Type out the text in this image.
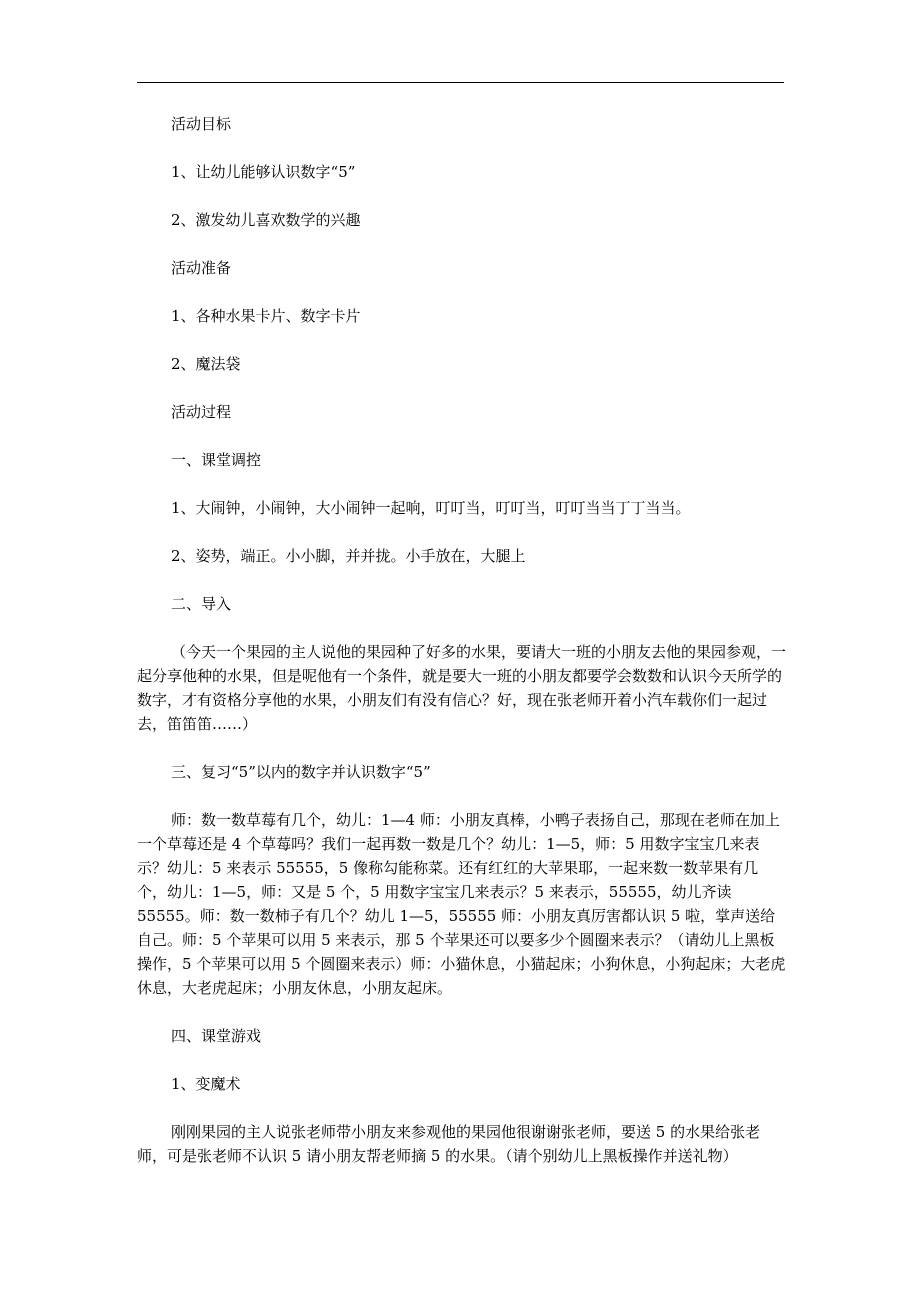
活动目标

1、让幼儿能够认识数字“5”

2、激发幼儿喜欢数学的兴趣

活动准备

1、各种水果卡片、数字卡片

2、魔法袋

活动过程

一、课堂调控

1、大闹钟，小闹钟，大小闹钟一起响，叮叮当，叮叮当，叮叮当当丁丁当当。

2、姿势，端正。小小脚，并并拢。小手放在，大腿上

二、导入

（今天一个果园的主人说他的果园种了好多的水果，要请大一班的小朋友去他的果园参观，一起分享他种的水果，但是呢他有一个条件，就是要大一班的小朋友都要学会数数和认识今天所学的数字，才有资格分享他的水果，小朋友们有没有信心？好，现在张老师开着小汽车载你们一起过去，笛笛笛……）

三、复习“5”以内的数字并认识数字“5”

师：数一数草莓有几个，幼儿：1—4 师：小朋友真棒，小鸭子表扬自己，那现在老师在加上一个草莓还是 4 个草莓吗？我们一起再数一数是几个？幼儿：1—5，师：5 用数字宝宝几来表示？幼儿：5 来表示 55555，5 像称勾能称菜。还有红红的大苹果耶，一起来数一数苹果有几个，幼儿：1—5，师：又是 5 个，5 用数字宝宝几来表示？5 来表示，55555，幼儿齐读 55555。师：数一数柿子有几个？幼儿 1—5，55555 师：小朋友真厉害都认识 5 啦，掌声送给自己。师：5 个苹果可以用 5 来表示，那 5 个苹果还可以要多少个圆圈来表示？（请幼儿上黑板操作，5 个苹果可以用 5 个圆圈来表示）师：小猫休息，小猫起床；小狗休息，小狗起床；大老虎休息，大老虎起床；小朋友休息，小朋友起床。

四、课堂游戏

1、变魔术

刚刚果园的主人说张老师带小朋友来参观他的果园他很谢谢张老师，要送 5 的水果给张老师，可是张老师不认识 5 请小朋友帮老师摘 5 的水果。（请个别幼儿上黑板操作并送礼物）
